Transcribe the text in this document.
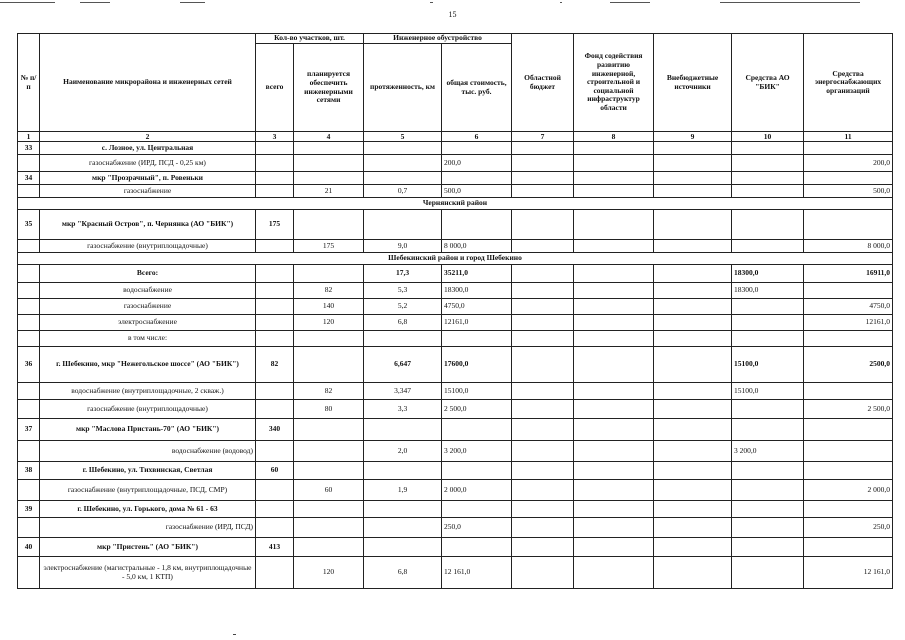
15
№ п/п	Наименование микрорайона и инженерных сетей	Кол-во участков, шт.		Инженерное обустройство		Областной бюджет	Фонд содействия развитию инженерной, строительной и социальной инфраструктур области	Внебюджетные источники	Средства АО "БИК"	Средства энергоснабжающих организаций
		всего	планируется обеспечить инженерными сетями	протяженность, км	общая стоимость, тыс. руб.					
1	2	3	4	5	6	7	8	9	10	11
33	с. Лозное, ул. Центральная									
	газоснабжение (ИРД, ПСД - 0,25 км)				200,0					200,0
34	мкр "Прозрачный", п. Ровеньки									
	газоснабжение		21	0,7	500,0					500,0
Чернянский район										
35	мкр "Красный Остров", п. Чернянка (АО "БИК")	175								
	газоснабжение (внутриплощадочные)		175	9,0	8 000,0					8 000,0
Шебекинский район и город Шебекино										
	Всего:			17,3	35211,0				18300,0	16911,0
	водоснабжение		82	5,3	18300,0				18300,0	
	газоснабжение		140	5,2	4750,0					4750,0
	электроснабжение		120	6,8	12161,0					12161,0
	в том числе:									
36	г. Шебекино, мкр "Нежегольское шоссе" (АО "БИК")	82		6,647	17600,0				15100,0	2500,0
	водоснабжение (внутриплощадочные, 2 скваж.)		82	3,347	15100,0				15100,0	
	газоснабжение (внутриплощадочные)		80	3,3	2 500,0					2 500,0
37	мкр "Маслова Пристань-70" (АО "БИК")	340								
	водоснабжение (водовод)			2,0	3 200,0				3 200,0	
38	г. Шебекино, ул. Тихвинская, Светлая	60								
	газоснабжение (внутриплощадочные, ПСД, СМР)		60	1,9	2 000,0					2 000,0
39	г. Шебекино, ул. Горького, дома № 61 - 63									
	газоснабжение (ИРД, ПСД)				250,0					250,0
40	мкр "Пристень" (АО "БИК")	413								
	электроснабжение (магистральные - 1,8 км, внутриплощадочные - 5,0 км, 1 КТП)		120	6,8	12 161,0					12 161,0
